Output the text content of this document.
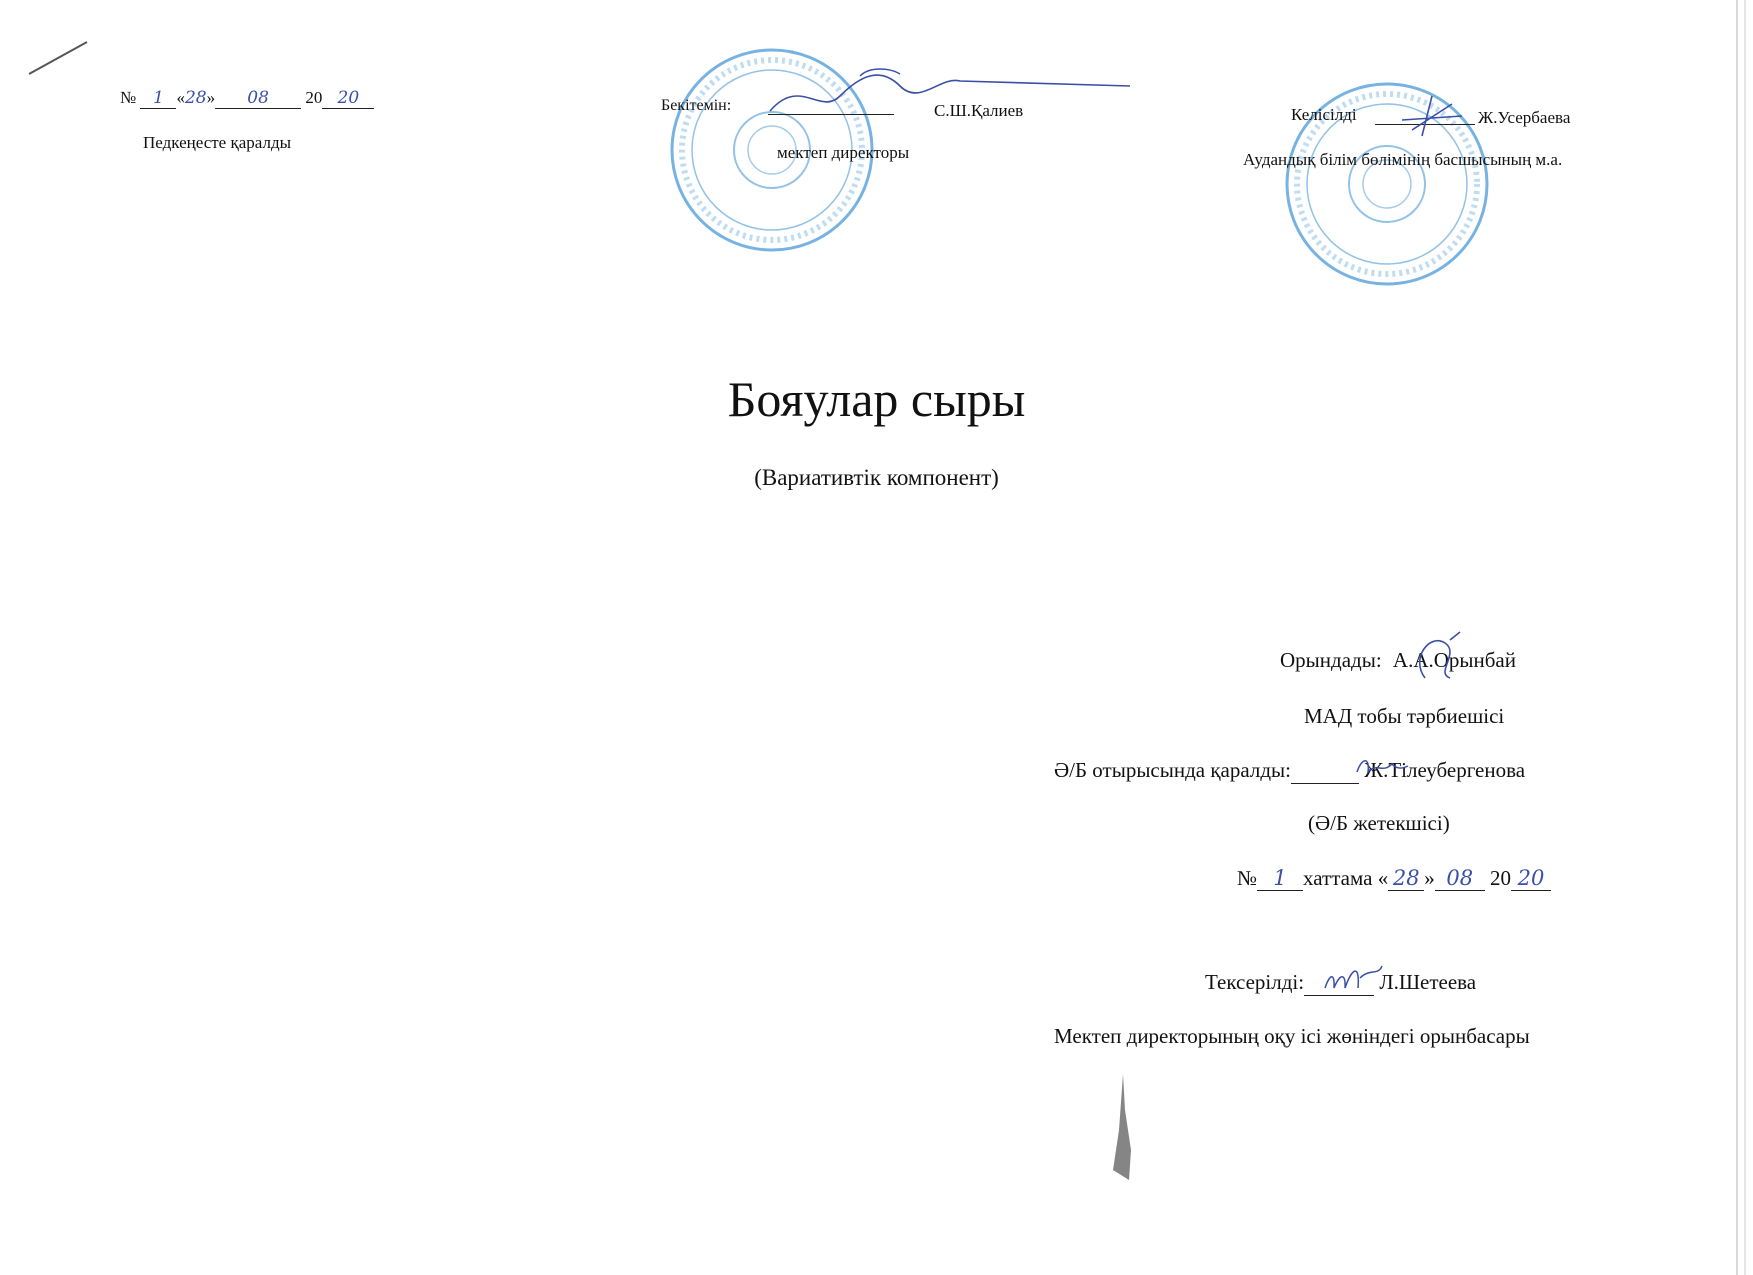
№ 1 «28» 08 20 20
Педкеңесте қаралды
Бекітемін:	С.Ш.Қалиев
мектеп директоры
Келісілді	Ж.Усербаева
Аудандық білім бөлімінің басшысының м.а.
Бояулар сыры
(Вариативтік компонент)
Орындады: А.А.Орынбай
МАД тобы тәрбиешісі
Ә/Б отырысында қаралды:	Ж.Тілеубергенова
(Ә/Б жетекшісі)
№ 1 хаттама « 28 » 08 20 20
Тексерілді:	Л.Шетеева
Мектеп директорының оқу ісі жөніндегі орынбасары
